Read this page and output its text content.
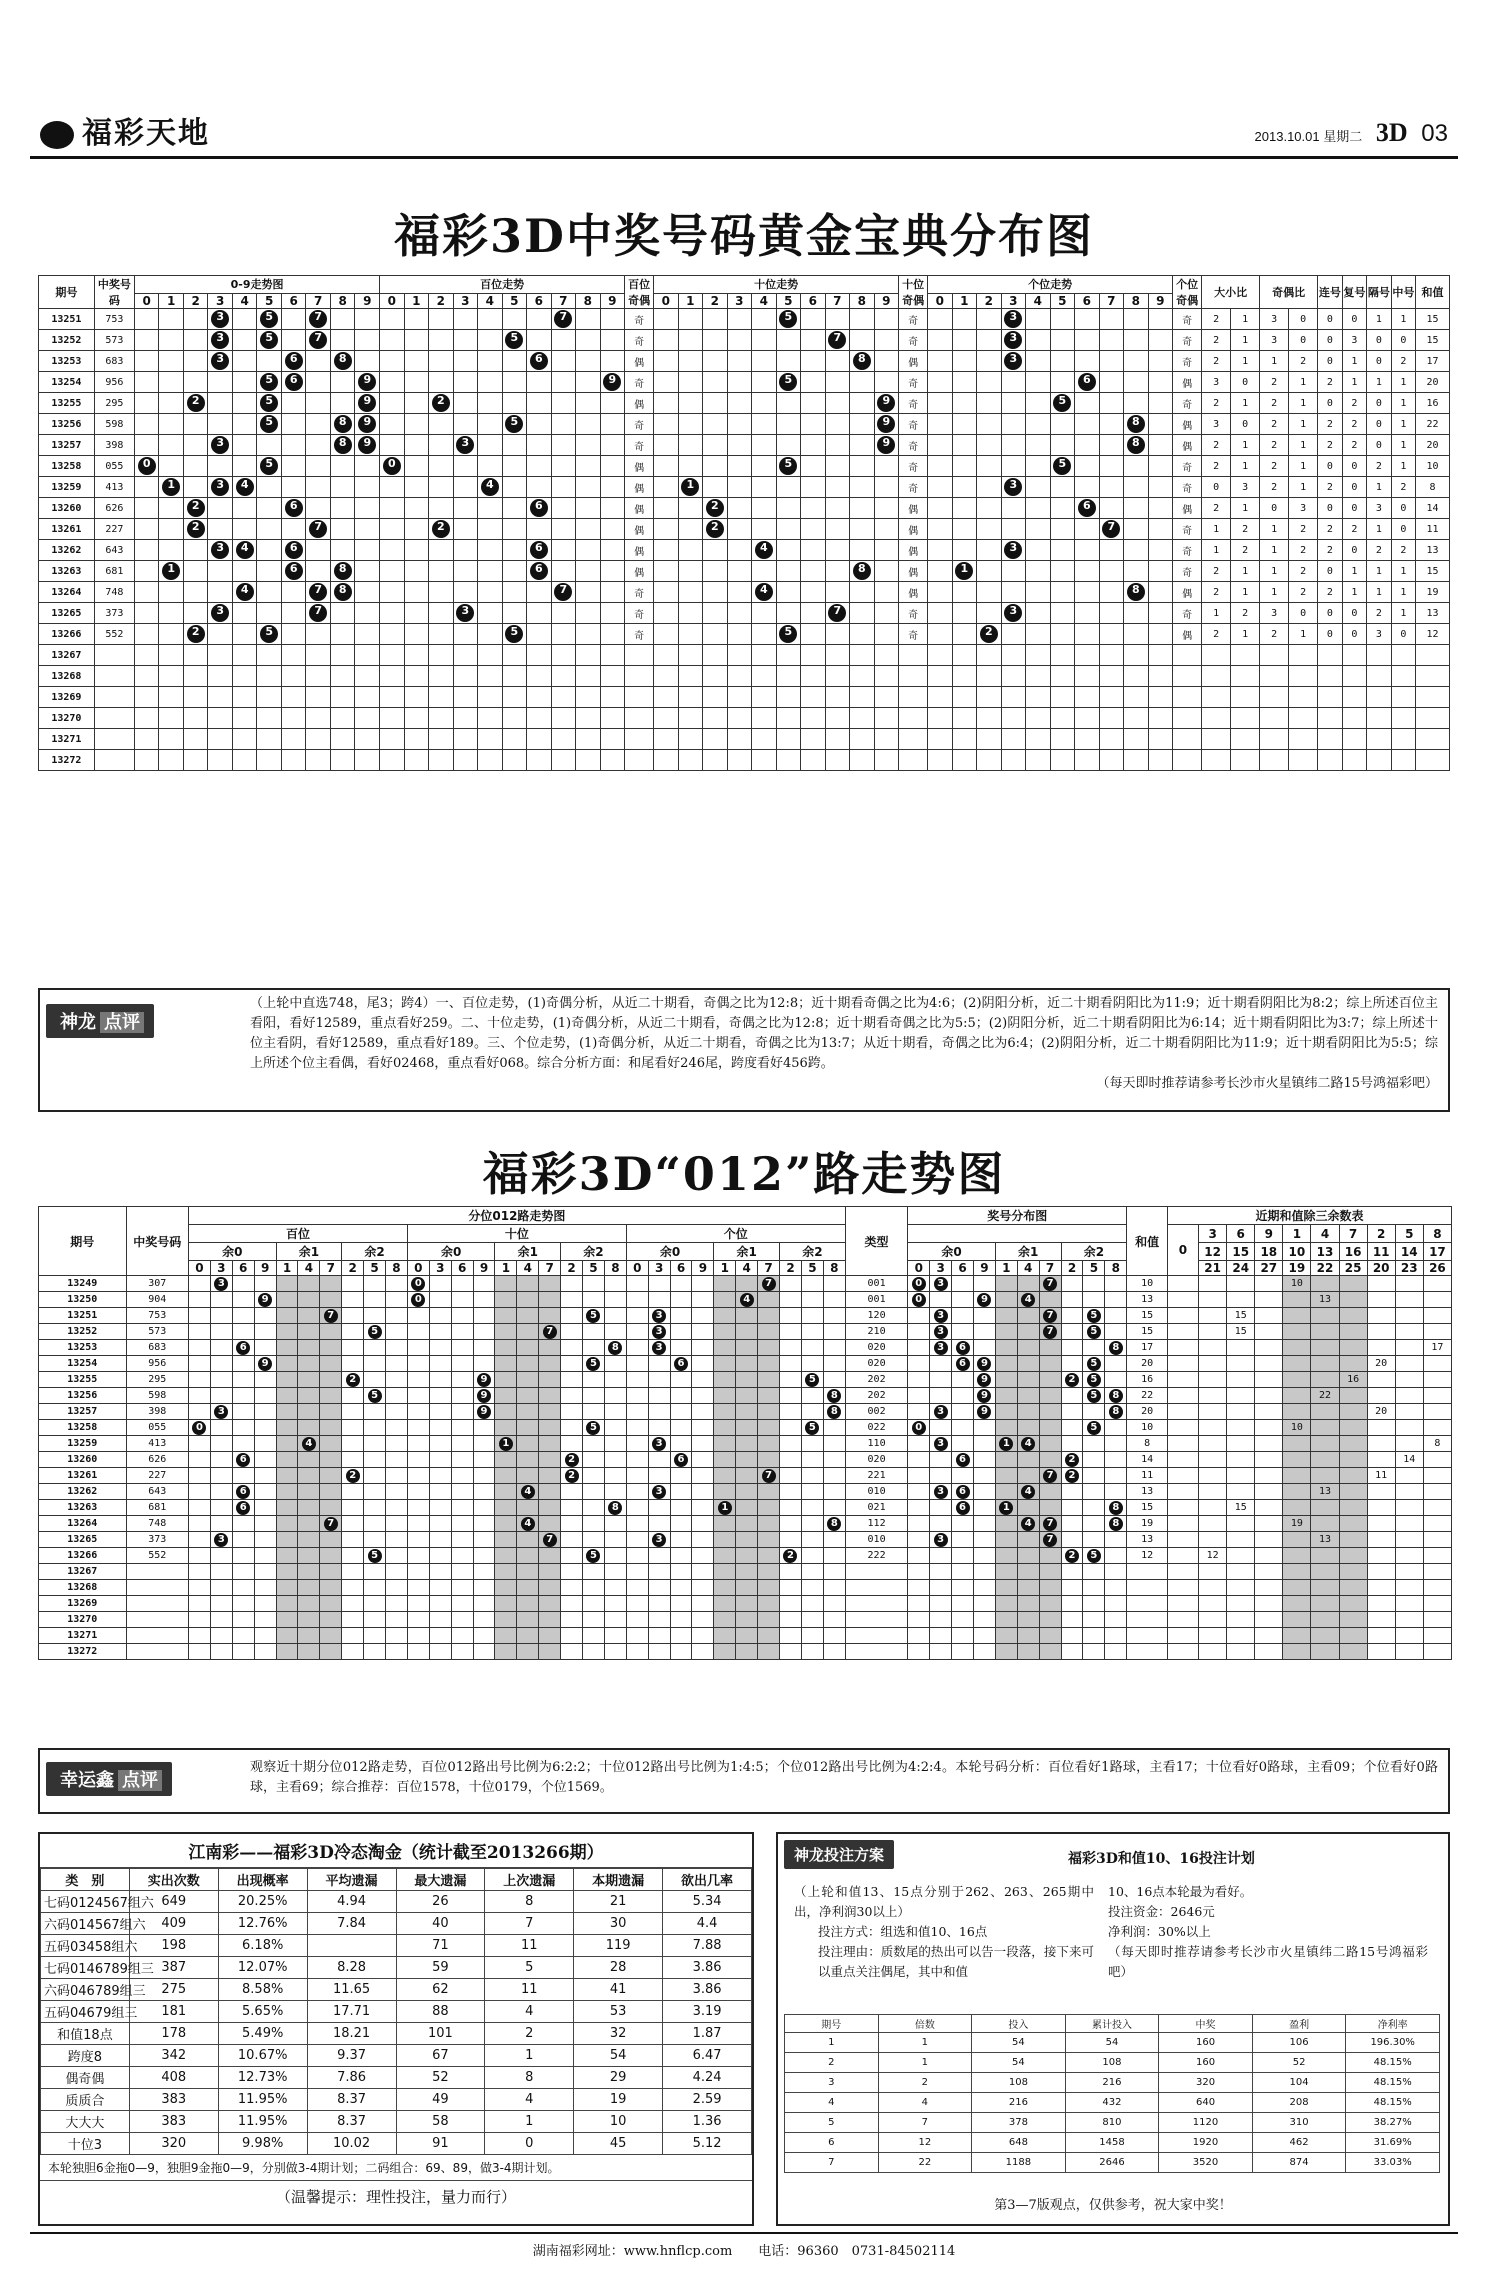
福彩天地	2013.10.01 星期二 3D 03
福彩3D中奖号码黄金宝典分布图
期号	中奖号码	0-9走势图										百位走势										百位奇偶	十位走势										十位奇偶	个位走势										个位奇偶	大小比		奇偶比		连号	复号	隔号	中号	和值
		0	1	2	3	4	5	6	7	8	9	0	1	2	3	4	5	6	7	8	9		0	1	2	3	4	5	6	7	8	9		0	1	2	3	4	5	6	7	8	9										
13251	753				3		5		7										7			奇						5					奇				3							奇	2	1	3	0	0	0	1	1	15
13252	573				3		5		7								5					奇								7			奇				3							奇	2	1	3	0	0	3	0	0	15
13253	683				3			6		8								6				偶									8		偶				3							奇	2	1	1	2	0	1	0	2	17
13254	956						5	6			9										9	奇						5					奇							6				偶	3	0	2	1	2	1	1	1	20
13255	295			2			5				9			2								偶										9	奇						5					奇	2	1	2	1	0	2	0	1	16
13256	598						5			8	9						5					奇										9	奇									8		偶	3	0	2	1	2	2	0	1	22
13257	398				3					8	9				3							奇										9	奇									8		偶	2	1	2	1	2	2	0	1	20
13258	055	0					5					0										偶						5					奇						5					奇	2	1	2	1	0	0	2	1	10
13259	413		1		3	4										4						偶		1									奇				3							奇	0	3	2	1	2	0	1	2	8
13260	626			2				6										6				偶			2								偶							6				偶	2	1	0	3	0	0	3	0	14
13261	227			2					7					2								偶			2								偶								7			奇	1	2	1	2	2	2	1	0	11
13262	643				3	4		6										6				偶					4						偶				3							奇	1	2	1	2	2	0	2	2	13
13263	681		1					6		8								6				偶									8		偶		1									奇	2	1	1	2	0	1	1	1	15
13264	748					4			7	8									7			奇					4						偶									8		偶	2	1	1	2	2	1	1	1	19
13265	373				3				7						3							奇								7			奇				3							奇	1	2	3	0	0	0	2	1	13
13266	552			2			5										5					奇						5					奇			2								偶	2	1	2	1	0	0	3	0	12
13267																																																					
13268																																																					
13269																																																					
13270																																																					
13271																																																					
13272																																																					
神龙 点评
（上轮中直选748，尾3；跨4）一、百位走势，(1)奇偶分析，从近二十期看，奇偶之比为12:8；近十期看奇偶之比为4:6；(2)阴阳分析，近二十期看阴阳比为11:9；近十期看阴阳比为8:2；综上所述百位主看阳，看好12589，重点看好259。二、十位走势，(1)奇偶分析，从近二十期看，奇偶之比为12:8；近十期看奇偶之比为5:5；(2)阴阳分析，近二十期看阴阳比为6:14；近十期看阴阳比为3:7；综上所述十位主看阴，看好12589，重点看好189。三、个位走势，(1)奇偶分析，从近二十期看，奇偶之比为13:7；从近十期看，奇偶之比为6:4；(2)阴阳分析，近二十期看阴阳比为11:9；近十期看阴阳比为5:5；综上所述个位主看偶，看好02468，重点看好068。综合分析方面：和尾看好246尾，跨度看好456跨。

（每天即时推荐请参考长沙市火星镇纬二路15号鸿福彩吧）
福彩3D“012”路走势图
期号	中奖号码	分位012路走势图																														类型	奖号分布图										和值	近期和值除三余数表									
		百位										十位										个位																						0	3	6	9	1	4	7	2	5	8
		余0				余1			余2			余0				余1			余2			余0				余1			余2				余0				余1			余2					12	15	18	10	13	16	11	14	17
		0	3	6	9	1	4	7	2	5	8	0	3	6	9	1	4	7	2	5	8	0	3	6	9	1	4	7	2	5	8		0	3	6	9	1	4	7	2	5	8			21	24	27	19	22	25	20	23	26
13249	307		3									0																7				001	0	3					7				10					10					
13250	904				9							0															4					001	0			9		4					13						13				
13251	753							7												5			3									120		3					7		5		15			15							
13252	573									5								7					3									210		3					7		5		15			15							
13253	683			6																	8		3									020		3	6							8	17										17
13254	956				9															5				6								020			6	9					5		20								20		
13255	295								2						9															5		202				9				2	5		16							16			
13256	598									5					9																8	202				9					5	8	22						22				
13257	398		3												9																8	002		3		9						8	20								20		
13258	055	0																		5										5		022	0								5		10					10					
13259	413						4									1							3									110		3			1	4					8										8
13260	626			6															2					6								020			6					2			14									14	
13261	227								2										2									7				221							7	2			11								11		
13262	643			6													4						3									010		3	6			4					13						13				
13263	681			6																	8					1						021			6		1					8	15			15							
13264	748							7									4														8	112						4	7			8	19					19					
13265	373		3															7					3									010		3					7				13						13				
13266	552									5										5									2			222								2	5		12		12								
13267																																																					
13268																																																					
13269																																																					
13270																																																					
13271																																																					
13272																																																					
幸运鑫 点评
观察近十期分位012路走势，百位012路出号比例为6:2:2；十位012路出号比例为1:4:5；个位012路出号比例为4:2:4。本轮号码分析：百位看好1路球，主看17；十位看好0路球，主看09；个位看好0路球，主看69；综合推荐：百位1578，十位0179，个位1569。
江南彩——福彩3D冷态淘金（统计截至2013266期）
类　别	实出次数	出现概率	平均遗漏	最大遗漏	上次遗漏	本期遗漏	欲出几率
七码0124567组六	649	20.25%	4.94	26	8	21	5.34
六码014567组六	409	12.76%	7.84	40	7	30	4.4
五码03458组六	198	6.18%		71	11	119	7.88
七码0146789组三	387	12.07%	8.28	59	5	28	3.86
六码046789组三	275	8.58%	11.65	62	11	41	3.86
五码04679组三	181	5.65%	17.71	88	4	53	3.19
和值18点	178	5.49%	18.21	101	2	32	1.87
跨度8	342	10.67%	9.37	67	1	54	6.47
偶奇偶	408	12.73%	7.86	52	8	29	4.24
质质合	383	11.95%	8.37	49	4	19	2.59
大大大	383	11.95%	8.37	58	1	10	1.36
十位3	320	9.98%	10.02	91	0	45	5.12
本轮独胆6金拖0—9，独胆9金拖0—9，分别做3-4期计划；二码组合：69、89，做3-4期计划。
（温馨提示：理性投注，量力而行）
神龙投注方案	福彩3D和值10、16投注计划
（上轮和值13、15点分别于262、263、265期中出，净利润30以上）
投注方式：组选和值10、16点
投注理由：质数尾的热出可以告一段落，接下来可以重点关注偶尾，其中和值
10、16点本轮最为看好。
投注资金：2646元
净利润：30%以上
（每天即时推荐请参考长沙市火星镇纬二路15号鸿福彩吧）
期号	倍数	投入	累计投入	中奖	盈利	净利率
1	1	54	54	160	106	196.30%
2	1	54	108	160	52	48.15%
3	2	108	216	320	104	48.15%
4	4	216	432	640	208	48.15%
5	7	378	810	1120	310	38.27%
6	12	648	1458	1920	462	31.69%
7	22	1188	2646	3520	874	33.03%
第3—7版观点，仅供参考，祝大家中奖！
湖南福彩网址：www.hnflcp.com　　电话：96360　0731-84502114
